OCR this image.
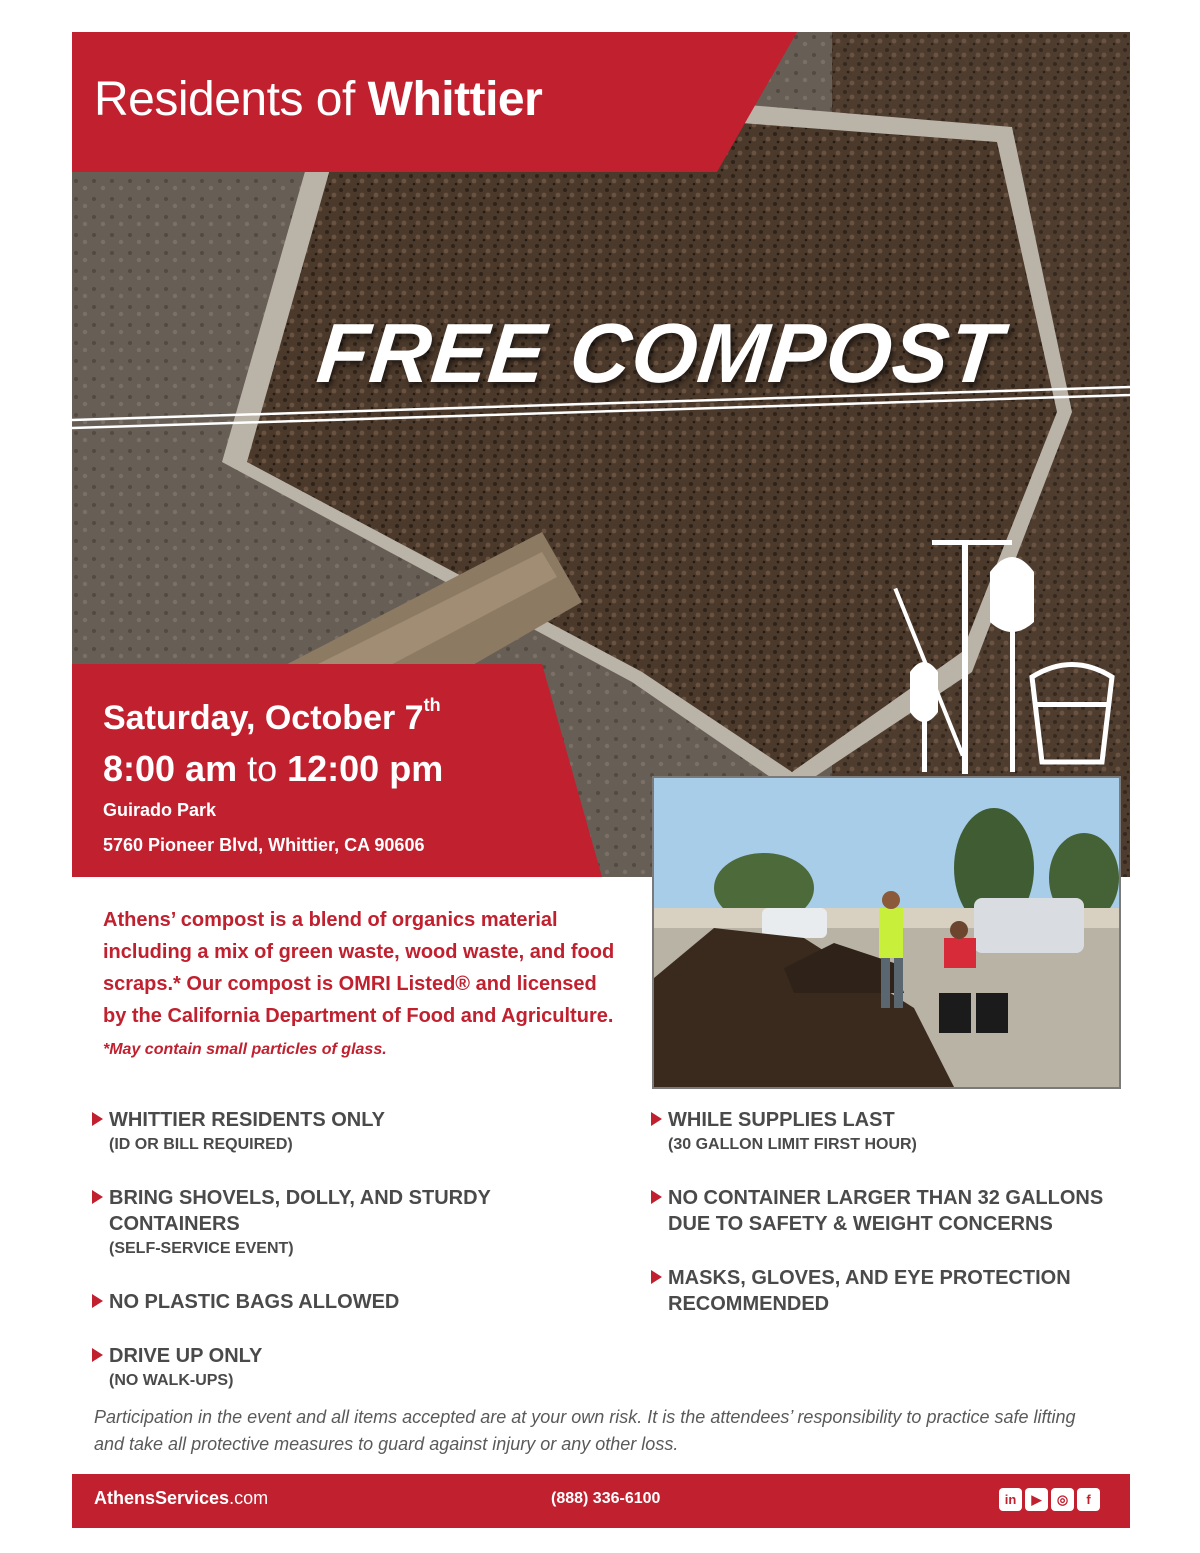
Residents of Whittier
FREE COMPOST
Saturday, October 7th
8:00 am to 12:00 pm
Guirado Park
5760 Pioneer Blvd, Whittier, CA 90606
Athens’ compost is a blend of organics material including a mix of green waste, wood waste, and food scraps.* Our compost is OMRI Listed® and licensed by the California Department of Food and Agriculture. *May contain small particles of glass.
WHITTIER RESIDENTS ONLY
(ID OR BILL REQUIRED)
BRING SHOVELS, DOLLY, AND STURDY CONTAINERS
(SELF-SERVICE EVENT)
NO PLASTIC BAGS ALLOWED
DRIVE UP ONLY
(NO WALK-UPS)
WHILE SUPPLIES LAST
(30 GALLON LIMIT FIRST HOUR)
NO CONTAINER LARGER THAN 32 GALLONS DUE TO SAFETY & WEIGHT CONCERNS
MASKS, GLOVES, AND EYE PROTECTION RECOMMENDED
Participation in the event and all items accepted are at your own risk. It is the attendees’ responsibility to practice safe lifting and take all protective measures to guard against injury or any other loss.
AthensServices.com	(888) 336-6100	in	▶	◎	f
